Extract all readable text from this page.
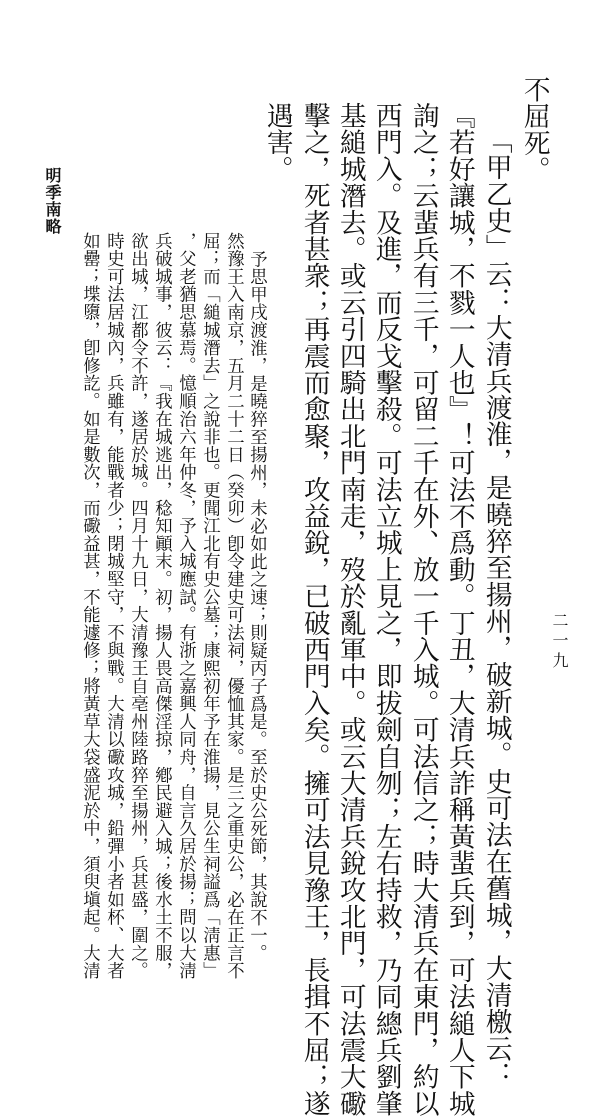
二一九
明季南略
不屈死。
「甲乙史」云：大清兵渡淮，是曉猝至揚州，破新城。史可法在舊城，大清檄云：
『若好讓城，不戮一人也』！可法不爲動。丁丑，大清兵詐稱黃蜚兵到，可法縋人下城
詢之；云蜚兵有三千，可留二千在外、放一千入城。可法信之；時大清兵在東門，約以
西門入。及進，而反戈擊殺。可法立城上見之，即拔劍自刎；左右持救，乃同總兵劉肇
基縋城潛去。或云引四騎出北門南走，歿於亂軍中。或云大清兵銳攻北門，可法震大礮
擊之，死者甚衆；再震而愈聚，攻益銳，已破西門入矣。擁可法見豫王，長揖不屈；遂
遇害。
予思甲戌渡淮，是曉猝至揚州，未必如此之速；則疑丙子爲是。至於史公死節，其說不一。
然豫王入南京，五月二十二日（癸卯）卽令建史可法祠，優恤其家。是三之重史公，必在正言不
屈；而「縋城潛去」之說非也。更聞江北有史公墓；康熙初年予在淮揚，見公生祠謚爲「淸惠」
，父老猶思慕焉。憶順治六年仲冬，予入城應試。有浙之嘉興人同舟，自言久居於揚；問以大淸
兵破城事，彼云：『我在城逃出，稔知顚末。初，揚人畏高傑淫掠，鄕民避入城；後水土不服，
欲出城，江都令不許，遂居於城。四月十九日，大清豫王自亳州陸路猝至揚州，兵甚盛，圍之。
時史可法居城內，兵雖有，能戰者少；閉城堅守，不與戰。大清以礮攻城，鉛彈小者如杯、大者
如罍；堞隳，卽修訖。如是數次，而礮益甚，不能遽修；將黃草大袋盛泥於中，須臾塡起。大清
